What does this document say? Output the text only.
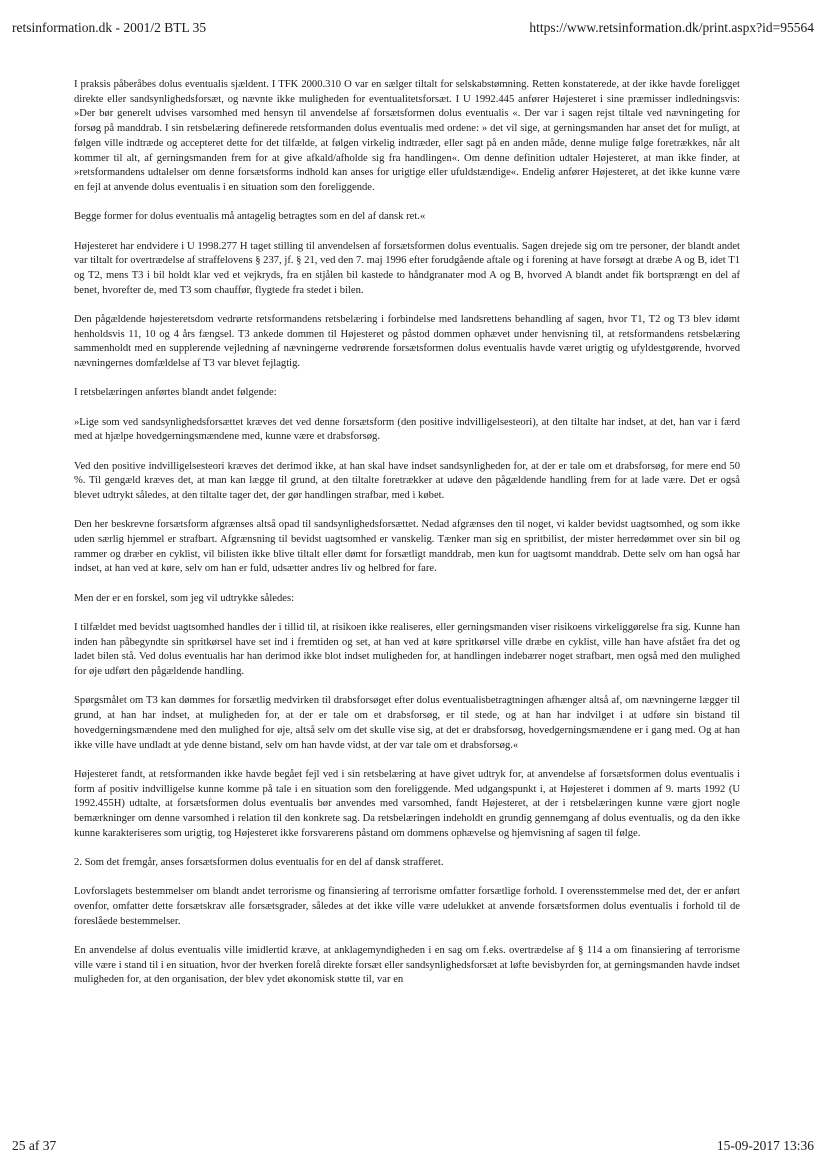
retsinformation.dk - 2001/2 BTL 35	https://www.retsinformation.dk/print.aspx?id=95564

I praksis påberåbes dolus eventualis sjældent. I TFK 2000.310 O var en sælger tiltalt for selskabstømning. Retten konstaterede, at der ikke havde foreligget direkte eller sandsynlighedsforsæt, og nævnte ikke muligheden for eventualitetsforsæt. I U 1992.445 anfører Højesteret i sine præmisser indledningsvis: »Der bør generelt udvises varsomhed med hensyn til anvendelse af forsætsformen dolus eventualis «. Der var i sagen rejst tiltale ved nævningeting for forsøg på manddrab. I sin retsbelæring definerede retsformanden dolus eventualis med ordene: » det vil sige, at gerningsmanden har anset det for muligt, at følgen ville indtræde og accepteret dette for det tilfælde, at følgen virkelig indtræder, eller sagt på en anden måde, denne mulige følge foretrækkes, når alt kommer til alt, af gerningsmanden frem for at give afkald/afholde sig fra handlingen«. Om denne definition udtaler Højesteret, at man ikke finder, at »retsformandens udtalelser om denne forsætsforms indhold kan anses for urigtige eller ufuldstændige«. Endelig anfører Højesteret, at det ikke kunne være en fejl at anvende dolus eventualis i en situation som den foreliggende.

Begge former for dolus eventualis må antagelig betragtes som en del af dansk ret.«

Højesteret har endvidere i U 1998.277 H taget stilling til anvendelsen af forsætsformen dolus eventualis. Sagen drejede sig om tre personer, der blandt andet var tiltalt for overtrædelse af straffelovens § 237, jf. § 21, ved den 7. maj 1996 efter forudgående aftale og i forening at have forsøgt at dræbe A og B, idet T1 og T2, mens T3 i bil holdt klar ved et vejkryds, fra en stjålen bil kastede to håndgranater mod A og B, hvorved A blandt andet fik bortsprængt en del af benet, hvorefter de, med T3 som chauffør, flygtede fra stedet i bilen.

Den pågældende højesteretsdom vedrørte retsformandens retsbelæring i forbindelse med landsrettens behandling af sagen, hvor T1, T2 og T3 blev idømt henholdsvis 11, 10 og 4 års fængsel. T3 ankede dommen til Højesteret og påstod dommen ophævet under henvisning til, at retsformandens retsbelæring sammenholdt med en supplerende vejledning af nævningerne vedrørende forsætsformen dolus eventualis havde været urigtig og ufyldestgørende, hvorved nævningernes domfældelse af T3 var blevet fejlagtig.

I retsbelæringen anførtes blandt andet følgende:

»Lige som ved sandsynlighedsforsættet kræves det ved denne forsætsform (den positive indvilligelsesteori), at den tiltalte har indset, at det, han var i færd med at hjælpe hovedgerningsmændene med, kunne være et drabsforsøg.

Ved den positive indvilligelsesteori kræves det derimod ikke, at han skal have indset sandsynligheden for, at der er tale om et drabsforsøg, for mere end 50 %. Til gengæld kræves det, at man kan lægge til grund, at den tiltalte foretrækker at udøve den pågældende handling frem for at lade være. Det er også blevet udtrykt således, at den tiltalte tager det, der gør handlingen strafbar, med i købet.

Den her beskrevne forsætsform afgrænses altså opad til sandsynlighedsforsættet. Nedad afgrænses den til noget, vi kalder bevidst uagtsomhed, og som ikke uden særlig hjemmel er strafbart. Afgrænsning til bevidst uagtsomhed er vanskelig. Tænker man sig en spritbilist, der mister herredømmet over sin bil og rammer og dræber en cyklist, vil bilisten ikke blive tiltalt eller dømt for forsætligt manddrab, men kun for uagtsomt manddrab. Dette selv om han også har indset, at han ved at køre, selv om han er fuld, udsætter andres liv og helbred for fare.

Men der er en forskel, som jeg vil udtrykke således:

I tilfældet med bevidst uagtsomhed handles der i tillid til, at risikoen ikke realiseres, eller gerningsmanden viser risikoens virkeliggørelse fra sig. Kunne han inden han påbegyndte sin spritkørsel have set ind i fremtiden og set, at han ved at køre spritkørsel ville dræbe en cyklist, ville han have afstået fra det og ladet bilen stå. Ved dolus eventualis har han derimod ikke blot indset muligheden for, at handlingen indebærer noget strafbart, men også med den mulighed for øje udført den pågældende handling.

Spørgsmålet om T3 kan dømmes for forsætlig medvirken til drabsforsøget efter dolus eventualisbetragtningen afhænger altså af, om nævningerne lægger til grund, at han har indset, at muligheden for, at der er tale om et drabsforsøg, er til stede, og at han har indvilget i at udføre sin bistand til hovedgerningsmændene med den mulighed for øje, altså selv om det skulle vise sig, at det er drabsforsøg, hovedgerningsmændene er i gang med. Og at han ikke ville have undladt at yde denne bistand, selv om han havde vidst, at der var tale om et drabsforsøg.«

Højesteret fandt, at retsformanden ikke havde begået fejl ved i sin retsbelæring at have givet udtryk for, at anvendelse af forsætsformen dolus eventualis i form af positiv indvilligelse kunne komme på tale i en situation som den foreliggende. Med udgangspunkt i, at Højesteret i dommen af 9. marts 1992 (U 1992.455H) udtalte, at forsætsformen dolus eventualis bør anvendes med varsomhed, fandt Højesteret, at der i retsbelæringen kunne være gjort nogle bemærkninger om denne varsomhed i relation til den konkrete sag. Da retsbelæringen indeholdt en grundig gennemgang af dolus eventualis, og da den ikke kunne karakteriseres som urigtig, tog Højesteret ikke forsvarerens påstand om dommens ophævelse og hjemvisning af sagen til følge.

2. Som det fremgår, anses forsætsformen dolus eventualis for en del af dansk strafferet.

Lovforslagets bestemmelser om blandt andet terrorisme og finansiering af terrorisme omfatter forsætlige forhold. I overensstemmelse med det, der er anført ovenfor, omfatter dette forsætskrav alle forsætsgrader, således at det ikke ville være udelukket at anvende forsætsformen dolus eventualis i forhold til de foreslåede bestemmelser.

En anvendelse af dolus eventualis ville imidlertid kræve, at anklagemyndigheden i en sag om f.eks. overtrædelse af § 114 a om finansiering af terrorisme ville være i stand til i en situation, hvor der hverken forelå direkte forsæt eller sandsynlighedsforsæt at løfte bevisbyrden for, at gerningsmanden havde indset muligheden for, at den organisation, der blev ydet økonomisk støtte til, var en

25 af 37	15-09-2017 13:36
